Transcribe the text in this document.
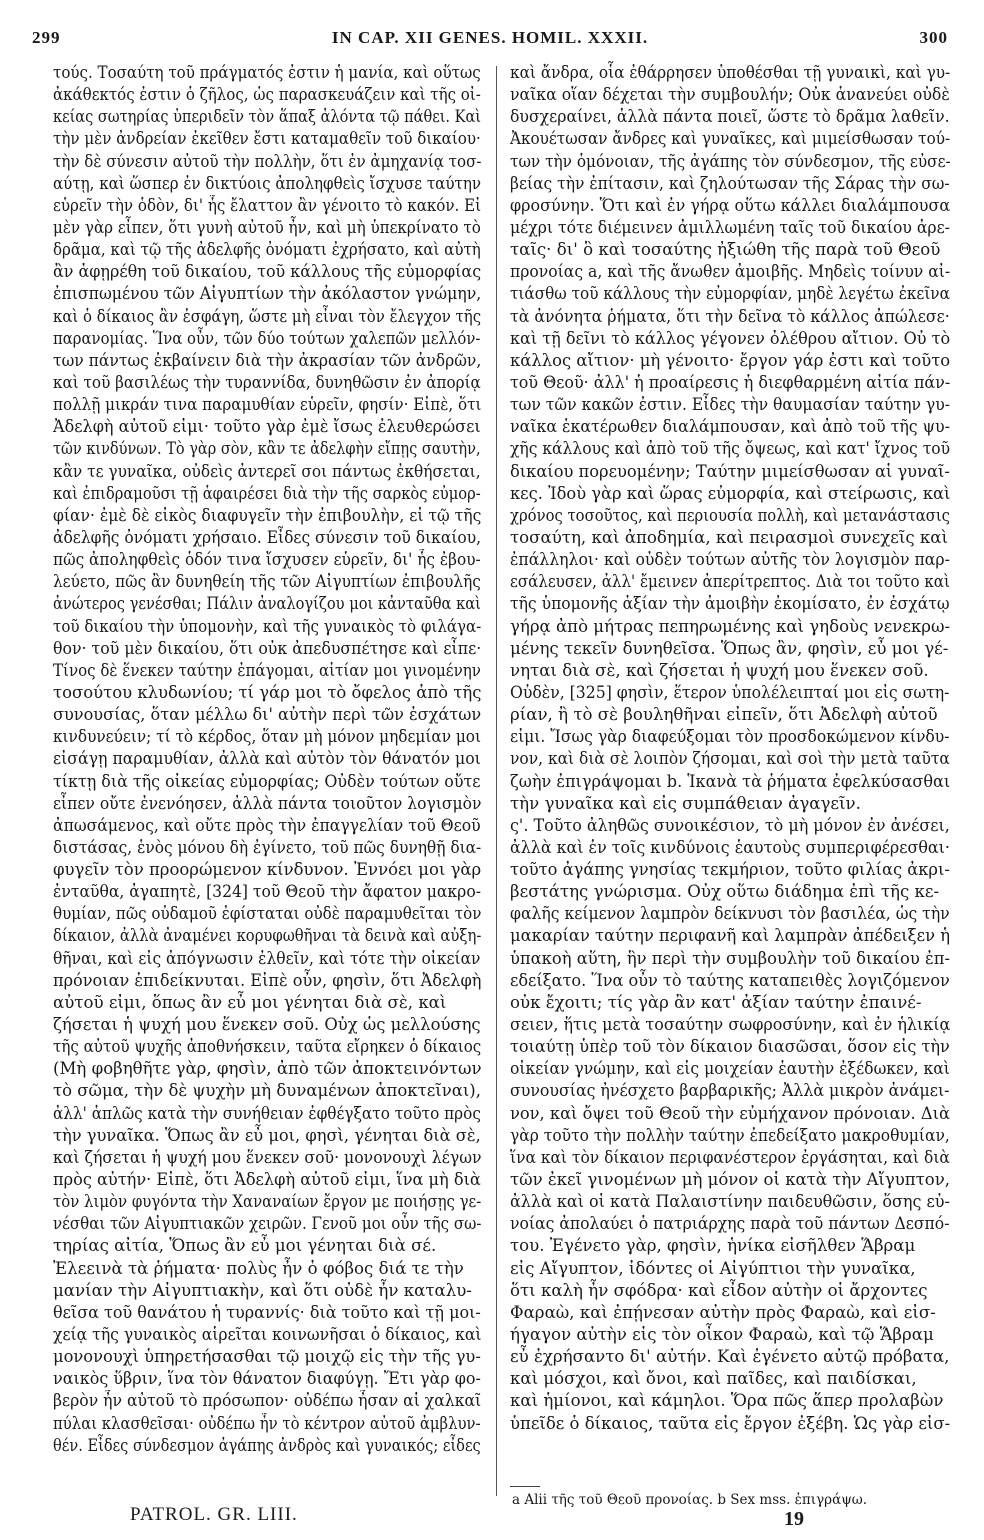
299	IN CAP. XII GENES. HOMIL. XXXII.	300
τούς. Τοσαύτη τοῦ πράγματός ἐστιν ἡ μανία, καὶ οὕτως
ἀκάθεκτός ἐστιν ὁ ζῆλος, ὡς παρασκευάζειν καὶ τῆς οἰ-
κείας σωτηρίας ὑπεριδεῖν τὸν ἅπαξ ἁλόντα τῷ πάθει. Καὶ
τὴν μὲν ἀνδρείαν ἐκεῖθεν ἔστι καταμαθεῖν τοῦ δικαίου·
τὴν δὲ σύνεσιν αὐτοῦ τὴν πολλὴν, ὅτι ἐν ἀμηχανίᾳ τοσ-
αύτῃ, καὶ ὥσπερ ἐν δικτύοις ἀποληφθεὶς ἴσχυσε ταύτην
εὑρεῖν τὴν ὁδὸν, δι' ἧς ἔλαττον ἂν γένοιτο τὸ κακόν. Εἰ
μὲν γὰρ εἶπεν, ὅτι γυνὴ αὐτοῦ ἦν, καὶ μὴ ὑπεκρίνατο τὸ
δρᾶμα, καὶ τῷ τῆς ἀδελφῆς ὀνόματι ἐχρήσατο, καὶ αὐτὴ
ἂν ἀφῃρέθη τοῦ δικαίου, τοῦ κάλλους τῆς εὐμορφίας
ἐπισπωμένου τῶν Αἰγυπτίων τὴν ἀκόλαστον γνώμην,
καὶ ὁ δίκαιος ἂν ἐσφάγη, ὥστε μὴ εἶναι τὸν ἔλεγχον τῆς
παρανομίας. Ἵνα οὖν, τῶν δύο τούτων χαλεπῶν μελλόν-
των πάντως ἐκβαίνειν διὰ τὴν ἀκρασίαν τῶν ἀνδρῶν,
καὶ τοῦ βασιλέως τὴν τυραννίδα, δυνηθῶσιν ἐν ἀπορίᾳ
πολλῇ μικράν τινα παραμυθίαν εὑρεῖν, φησίν· Εἰπὲ, ὅτι
Ἀδελφὴ αὐτοῦ εἰμι· τοῦτο γὰρ ἐμὲ ἴσως ἐλευθερώσει
τῶν κινδύνων. Τὸ γὰρ σὸν, κἂν τε ἀδελφὴν εἴπῃς σαυτὴν,
κἂν τε γυναῖκα, οὐδεὶς ἀντερεῖ σοι πάντως ἐκθήσεται,
καὶ ἐπιδραμοῦσι τῇ ἁφαιρέσει διὰ τὴν τῆς σαρκὸς εὐμορ-
φίαν· ἐμὲ δὲ εἰκὸς διαφυγεῖν τὴν ἐπιβουλὴν, εἰ τῷ τῆς
ἀδελφῆς ὀνόματι χρήσαιο. Εἶδες σύνεσιν τοῦ δικαίου,
πῶς ἀποληφθεὶς ὁδόν τινα ἴσχυσεν εὑρεῖν, δι' ἧς ἐβου-
λεύετο, πῶς ἂν δυνηθείη τῆς τῶν Αἰγυπτίων ἐπιβουλῆς
ἀνώτερος γενέσθαι; Πάλιν ἀναλογίζου μοι κἀνταῦθα καὶ
τοῦ δικαίου τὴν ὑπομονὴν, καὶ τῆς γυναικὸς τὸ φιλάγα-
θον· τοῦ μὲν δικαίου, ὅτι οὐκ ἀπεδυσπέτησε καὶ εἶπε·
Τίνος δὲ ἕνεκεν ταύτην ἐπάγομαι, αἰτίαν μοι γινομένην
τοσούτου κλυδωνίου; τί γάρ μοι τὸ ὄφελος ἀπὸ τῆς
συνουσίας, ὅταν μέλλω δι' αὐτὴν περὶ τῶν ἐσχάτων
κινδυνεύειν; τί τὸ κέρδος, ὅταν μὴ μόνον μηδεμίαν μοι
εἰσάγῃ παραμυθίαν, ἀλλὰ καὶ αὐτὸν τὸν θάνατόν μοι
τίκτῃ διὰ τῆς οἰκείας εὐμορφίας; Οὐδὲν τούτων οὔτε
εἶπεν οὔτε ἐνενόησεν, ἀλλὰ πάντα τοιοῦτον λογισμὸν
ἀπωσάμενος, καὶ οὔτε πρὸς τὴν ἐπαγγελίαν τοῦ Θεοῦ
διστάσας, ἑνὸς μόνου δὴ ἐγίνετο, τοῦ πῶς δυνηθῇ δια-
φυγεῖν τὸν προορώμενον κίνδυνον. Ἐννόει μοι γὰρ
ἐνταῦθα, ἀγαπητὲ, [324] τοῦ Θεοῦ τὴν ἄφατον μακρο-
θυμίαν, πῶς οὐδαμοῦ ἐφίσταται οὐδὲ παραμυθεῖται τὸν
δίκαιον, ἀλλὰ ἀναμένει κορυφωθῆναι τὰ δεινὰ καὶ αὐξη-
θῆναι, καὶ εἰς ἀπόγνωσιν ἐλθεῖν, καὶ τότε τὴν οἰκείαν
πρόνοιαν ἐπιδείκνυται. Εἰπὲ οὖν, φησὶν, ὅτι Ἀδελφὴ
αὐτοῦ εἰμι, ὅπως ἂν εὖ μοι γένηται διὰ σὲ, καὶ
ζήσεται ἡ ψυχή μου ἕνεκεν σοῦ. Οὐχ ὡς μελλούσης
τῆς αὐτοῦ ψυχῆς ἀποθνήσκειν, ταῦτα εἴρηκεν ὁ δίκαιος
(Μὴ φοβηθῆτε γὰρ, φησὶν, ἀπὸ τῶν ἀποκτεινόντων
τὸ σῶμα, τὴν δὲ ψυχὴν μὴ δυναμένων ἀποκτεῖναι),
ἀλλ' ἁπλῶς κατὰ τὴν συνήθειαν ἐφθέγξατο τοῦτο πρὸς
τὴν γυναῖκα. Ὅπως ἂν εὖ μοι, φησὶ, γένηται διὰ σὲ,
καὶ ζήσεται ἡ ψυχή μου ἕνεκεν σοῦ· μονονουχὶ λέγων
πρὸς αὐτήν· Εἰπὲ, ὅτι Ἀδελφὴ αὐτοῦ εἰμι, ἵνα μὴ διὰ
τὸν λιμὸν φυγόντα τὴν Χαναναίων ἔργον με ποιήσῃς γε-
νέσθαι τῶν Αἰγυπτιακῶν χειρῶν. Γενοῦ μοι οὖν τῆς σω-
τηρίας αἰτία, Ὅπως ἂν εὖ μοι γένηται διὰ σέ.
Ἐλεεινὰ τὰ ῥήματα· πολὺς ἦν ὁ φόβος διά τε τὴν
μανίαν τὴν Αἰγυπτιακὴν, καὶ ὅτι οὐδὲ ἦν καταλυ-
θεῖσα τοῦ θανάτου ἡ τυραννίς· διὰ τοῦτο καὶ τῇ μοι-
χείᾳ τῆς γυναικὸς αἱρεῖται κοινωνῆσαι ὁ δίκαιος, καὶ
μονονουχὶ ὑπηρετήσασθαι τῷ μοιχῷ εἰς τὴν τῆς γυ-
ναικὸς ὕβριν, ἵνα τὸν θάνατον διαφύγῃ. Ἔτι γὰρ φο-
βερὸν ἦν αὐτοῦ τὸ πρόσωπον· οὐδέπω ἦσαν αἱ χαλκαῖ
πύλαι κλασθεῖσαι· οὐδέπω ἦν τὸ κέντρον αὐτοῦ ἀμβλυν-
θέν. Εἶδες σύνδεσμον ἀγάπης ἀνδρὸς καὶ γυναικός; εἶδες
καὶ ἄνδρα, οἷα ἐθάρρησεν ὑποθέσθαι τῇ γυναικὶ, καὶ γυ-
ναῖκα οἵαν δέχεται τὴν συμβουλήν; Οὐκ ἀνανεύει οὐδὲ
δυσχεραίνει, ἀλλὰ πάντα ποιεῖ, ὥστε τὸ δρᾶμα λαθεῖν.
Ἀκουέτωσαν ἄνδρες καὶ γυναῖκες, καὶ μιμείσθωσαν τού-
των τὴν ὁμόνοιαν, τῆς ἀγάπης τὸν σύνδεσμον, τῆς εὐσε-
βείας τὴν ἐπίτασιν, καὶ ζηλούτωσαν τῆς Σάρας τὴν σω-
φροσύνην. Ὅτι καὶ ἐν γήρᾳ οὕτω κάλλει διαλάμπουσα
μέχρι τότε διέμεινεν ἀμιλλωμένη ταῖς τοῦ δικαίου ἀρε-
ταῖς· δι' ὃ καὶ τοσαύτης ἠξιώθη τῆς παρὰ τοῦ Θεοῦ
προνοίας a, καὶ τῆς ἄνωθεν ἀμοιβῆς. Μηδεὶς τοίνυν αἰ-
τιάσθω τοῦ κάλλους τὴν εὐμορφίαν, μηδὲ λεγέτω ἐκεῖνα
τὰ ἀνόνητα ῥήματα, ὅτι τὴν δεῖνα τὸ κάλλος ἀπώλεσε·
καὶ τῇ δεῖνι τὸ κάλλος γέγονεν ὀλέθρου αἴτιον. Οὐ τὸ
κάλλος αἴτιον· μὴ γένοιτο· ἔργον γάρ ἐστι καὶ τοῦτο
τοῦ Θεοῦ· ἀλλ' ἡ προαίρεσις ἡ διεφθαρμένη αἰτία πάν-
των τῶν κακῶν ἐστιν. Εἶδες τὴν θαυμασίαν ταύτην γυ-
ναῖκα ἑκατέρωθεν διαλάμπουσαν, καὶ ἀπὸ τοῦ τῆς ψυ-
χῆς κάλλους καὶ ἀπὸ τοῦ τῆς ὄψεως, καὶ κατ' ἴχνος τοῦ
δικαίου πορευομένην; Ταύτην μιμείσθωσαν αἱ γυναῖ-
κες. Ἰδοὺ γὰρ καὶ ὥρας εὐμορφία, καὶ στείρωσις, καὶ
χρόνος τοσοῦτος, καὶ περιουσία πολλὴ, καὶ μετανάστασις
τοσαύτη, καὶ ἀποδημία, καὶ πειρασμοὶ συνεχεῖς καὶ
ἐπάλληλοι· καὶ οὐδὲν τούτων αὐτῆς τὸν λογισμὸν παρ-
εσάλευσεν, ἀλλ' ἔμεινεν ἀπερίτρεπτος. Διὰ τοι τοῦτο καὶ
τῆς ὑπομονῆς ἀξίαν τὴν ἀμοιβὴν ἐκομίσατο, ἐν ἐσχάτῳ
γήρᾳ ἀπὸ μήτρας πεπηρωμένης καὶ γηδοὺς νενεκρω-
μένης τεκεῖν δυνηθεῖσα. Ὅπως ἂν, φησὶν, εὖ μοι γέ-
νηται διὰ σὲ, καὶ ζήσεται ἡ ψυχή μου ἕνεκεν σοῦ.
Οὐδὲν, [325] φησὶν, ἕτερον ὑπολέλειπταί μοι εἰς σωτη-
ρίαν, ἢ τὸ σὲ βουληθῆναι εἰπεῖν, ὅτι Ἀδελφὴ αὐτοῦ
εἰμι. Ἴσως γὰρ διαφεύξομαι τὸν προσδοκώμενον κίνδυ-
νον, καὶ διὰ σὲ λοιπὸν ζήσομαι, καὶ σοὶ τὴν μετὰ ταῦτα
ζωὴν ἐπιγράψομαι b. Ἱκανὰ τὰ ῥήματα ἐφελκύσασθαι
τὴν γυναῖκα καὶ εἰς συμπάθειαν ἀγαγεῖν.
ς'. Τοῦτο ἀληθῶς συνοικέσιον, τὸ μὴ μόνον ἐν ἀνέσει,
ἀλλὰ καὶ ἐν τοῖς κινδύνοις ἑαυτοὺς συμπεριφέρεσθαι·
τοῦτο ἀγάπης γνησίας τεκμήριον, τοῦτο φιλίας ἀκρι-
βεστάτης γνώρισμα. Οὐχ οὕτω διάδημα ἐπὶ τῆς κε-
φαλῆς κείμενον λαμπρὸν δείκνυσι τὸν βασιλέα, ὡς τὴν
μακαρίαν ταύτην περιφανῆ καὶ λαμπρὰν ἀπέδειξεν ἡ
ὑπακοὴ αὕτη, ἣν περὶ τὴν συμβουλὴν τοῦ δικαίου ἐπ-
εδείξατο. Ἵνα οὖν τὸ ταύτης καταπειθὲς λογιζόμενον
οὐκ ἔχοιτι; τίς γὰρ ἂν κατ' ἀξίαν ταύτην ἐπαινέ-
σειεν, ἥτις μετὰ τοσαύτην σωφροσύνην, καὶ ἐν ἡλικίᾳ
τοιαύτῃ ὑπὲρ τοῦ τὸν δίκαιον διασῶσαι, ὅσον εἰς τὴν
οἰκείαν γνώμην, καὶ εἰς μοιχείαν ἑαυτὴν ἐξέδωκεν, καὶ
συνουσίας ἠνέσχετο βαρβαρικῆς; Ἀλλὰ μικρὸν ἀνάμει-
νον, καὶ ὄψει τοῦ Θεοῦ τὴν εὐμήχανον πρόνοιαν. Διὰ
γὰρ τοῦτο τὴν πολλὴν ταύτην ἐπεδείξατο μακροθυμίαν,
ἵνα καὶ τὸν δίκαιον περιφανέστερον ἐργάσηται, καὶ διὰ
τῶν ἐκεῖ γινομένων μὴ μόνον οἱ κατὰ τὴν Αἴγυπτον,
ἀλλὰ καὶ οἱ κατὰ Παλαιστίνην παιδευθῶσιν, ὅσης εὐ-
νοίας ἀπολαύει ὁ πατριάρχης παρὰ τοῦ πάντων Δεσπό-
του. Ἐγένετο γὰρ, φησὶν, ἡνίκα εἰσῆλθεν Ἅβραμ
εἰς Αἴγυπτον, ἰδόντες οἱ Αἰγύπτιοι τὴν γυναῖκα,
ὅτι καλὴ ἦν σφόδρα· καὶ εἶδον αὐτὴν οἱ ἄρχοντες
Φαραὼ, καὶ ἐπῄνεσαν αὐτὴν πρὸς Φαραὼ, καὶ εἰσ-
ήγαγον αὐτὴν εἰς τὸν οἶκον Φαραὼ, καὶ τῷ Ἅβραμ
εὖ ἐχρήσαντο δι' αὐτήν. Καὶ ἐγένετο αὐτῷ πρόβατα,
καὶ μόσχοι, καὶ ὄνοι, καὶ παῖδες, καὶ παιδίσκαι,
καὶ ἡμίονοι, καὶ κάμηλοι. Ὅρα πῶς ἅπερ προλαβὼν
ὑπεῖδε ὁ δίκαιος, ταῦτα εἰς ἔργον ἐξέβη. Ὡς γὰρ εἰσ-
a Alii τῆς τοῦ Θεοῦ προνοίας. b Sex mss. ἐπιγράψω.
PATROL. GR. LIII.	19
